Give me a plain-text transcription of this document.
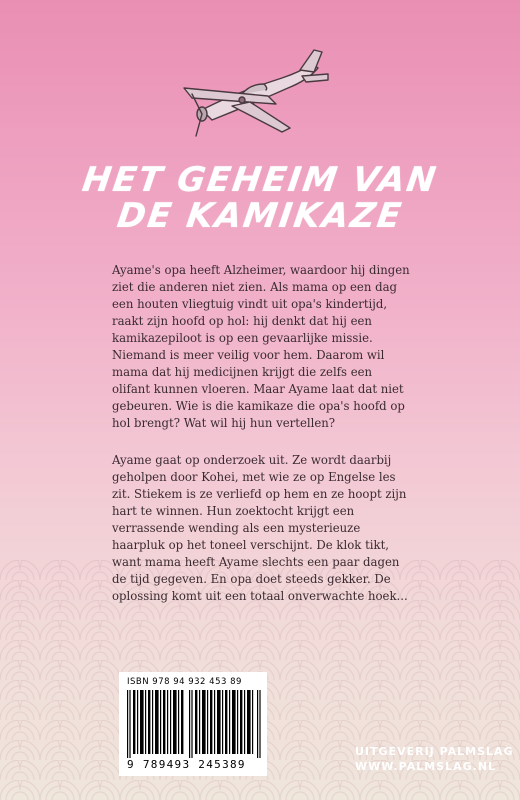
HET GEHEIM VAN
DE KAMIKAZE

Ayame's opa heeft Alzheimer, waardoor hij dingen ziet die anderen niet zien. Als mama op een dag een houten vliegtuig vindt uit opa's kindertijd, raakt zijn hoofd op hol: hij denkt dat hij een kamikazepiloot is op een gevaarlijke missie. Niemand is meer veilig voor hem. Daarom wil mama dat hij medicijnen krijgt die zelfs een olifant kunnen vloeren. Maar Ayame laat dat niet gebeuren. Wie is die kamikaze die opa's hoofd op hol brengt? Wat wil hij hun vertellen?

Ayame gaat op onderzoek uit. Ze wordt daarbij geholpen door Kohei, met wie ze op Engelse les zit. Stiekem is ze verliefd op hem en ze hoopt zijn hart te winnen. Hun zoektocht krijgt een verrassende wending als een mysterieuze haarpluk op het toneel verschijnt. De klok tikt, want mama heeft Ayame slechts een paar dagen de tijd gegeven. En opa doet steeds gekker. De oplossing komt uit een totaal onverwachte hoek...

ISBN 978 94 932 453 89
9 789493 245389
UITGEVERIJ PALMSLAG
WWW.PALMSLAG.NL
